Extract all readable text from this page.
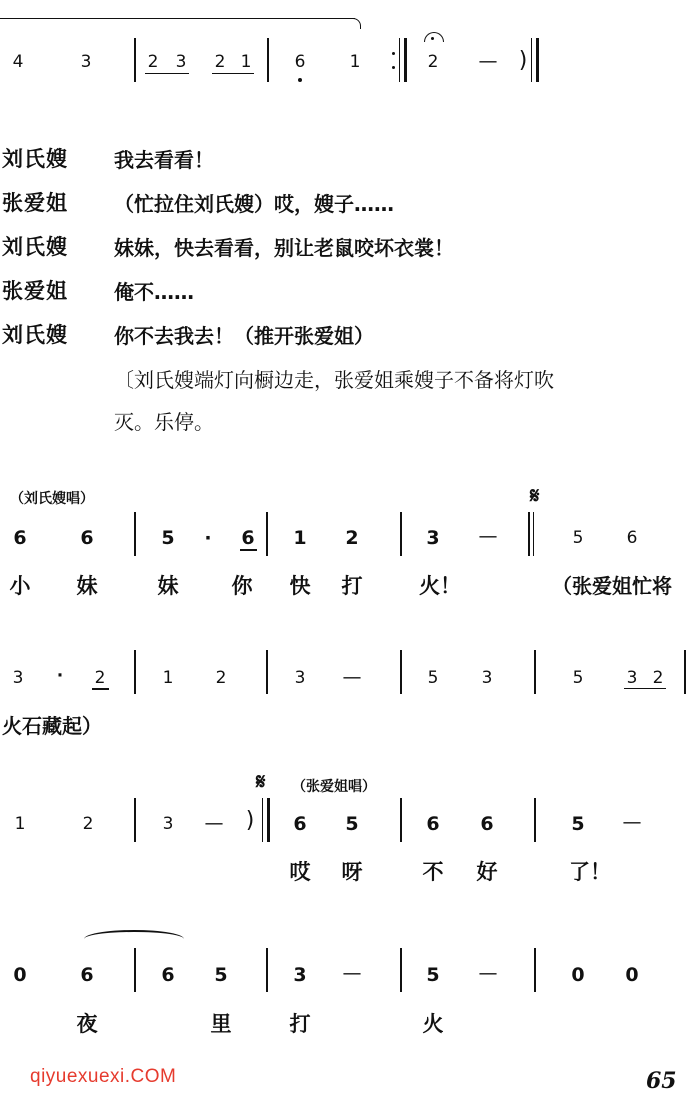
4	3	2 3 2 1	6	1	2 — )
刘氏嫂 我去看看！
张爱姐 （忙拉住刘氏嫂）哎，嫂子……
刘氏嫂 妹妹，快去看看，别让老鼠咬坏衣裳！
张爱姐 俺不……
刘氏嫂 你不去我去！（推开张爱姐）
〔刘氏嫂端灯向橱边走，张爱姐乘嫂子不备将灯吹
灭。乐停。
（刘氏嫂唱）	𝄋
6	6	5 · 6 1 2	3 —	5	6
小 妹	妹	你 快 打	火！	（张爱姐忙将
3 · 2	1 2	3 —	5	3	5	3 2
火石藏起）
𝄋 （张爱姐唱）
1	2	3 — ) 6 5	6 6	5 —
哎 呀	不 好	了！
0	6	6 5	3 —	5 —	0 0
夜	里	打	火
qiyuexuexi.COM	65
